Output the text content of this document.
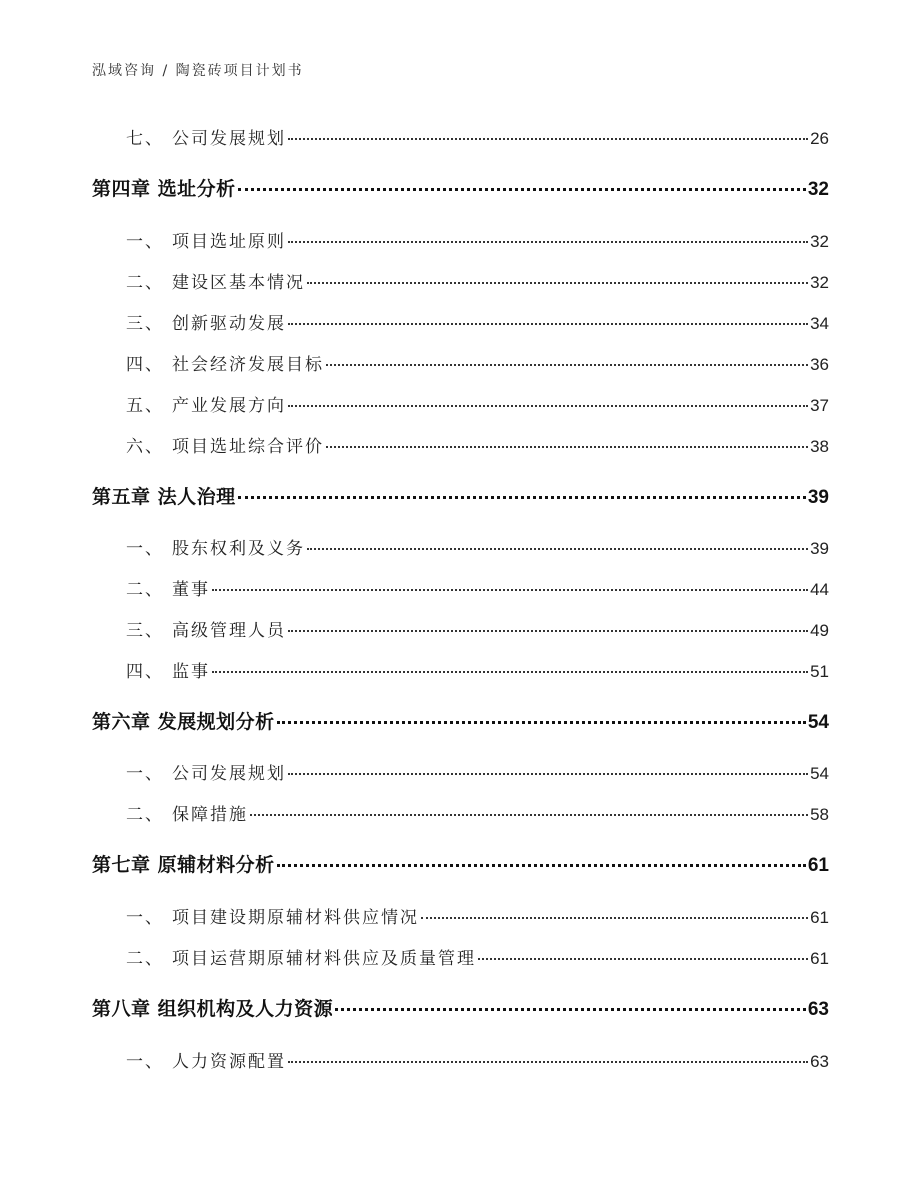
泓域咨询 / 陶瓷砖项目计划书
七、 公司发展规划	26
第四章 选址分析	32
一、 项目选址原则	32
二、 建设区基本情况	32
三、 创新驱动发展	34
四、 社会经济发展目标	36
五、 产业发展方向	37
六、 项目选址综合评价	38
第五章 法人治理	39
一、 股东权利及义务	39
二、 董事	44
三、 高级管理人员	49
四、 监事	51
第六章 发展规划分析	54
一、 公司发展规划	54
二、 保障措施	58
第七章 原辅材料分析	61
一、 项目建设期原辅材料供应情况	61
二、 项目运营期原辅材料供应及质量管理	61
第八章 组织机构及人力资源	63
一、 人力资源配置	63
